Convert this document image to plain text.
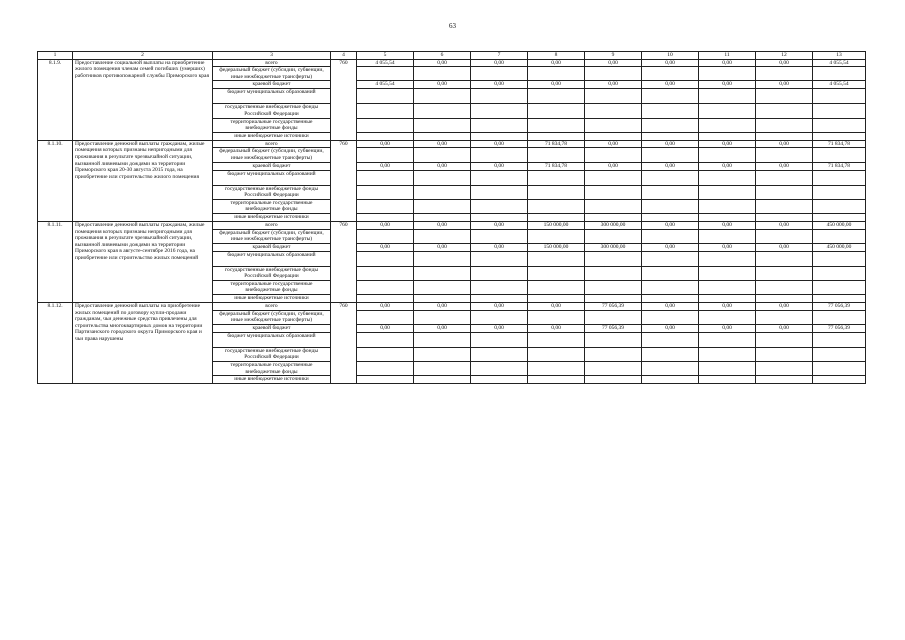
63
1	2	3	4	5	6	7	8	9	10	11	12	13
8.1.9.	Предоставление социальной выплаты на приобретение жилого помещения членам семей погибших (умерших) работников противопожарной службы Приморского края	всего	760	4 055,54	0,00	0,00	0,00	0,00	0,00	0,00	0,00	4 055,54
		федеральный бюджет (субсидии, субвенции, иные межбюджетные трансферты)										
		краевой бюджет		4 055,54	0,00	0,00	0,00	0,00	0,00	0,00	0,00	4 055,54
		бюджет муниципальных образований										
		государственные внебюджетные фонды Российской Федерации										
		территориальные государственные внебюджетные фонды										
		иные внебюджетные источники										
8.1.10.	Предоставление денежной выплаты гражданам, жилые помещения которых признаны непригодными для проживания в результате чрезвычайной ситуации, вызванной ливневыми дождями на территории Приморского края 20-30 августа 2015 года, на приобретение или строительство жилого помещения	всего	760	0,00	0,00	0,00	71 834,78	0,00	0,00	0,00	0,00	71 834,78
		федеральный бюджет (субсидии, субвенции, иные межбюджетные трансферты)										
		краевой бюджет		0,00	0,00	0,00	71 834,78	0,00	0,00	0,00	0,00	71 834,78
		бюджет муниципальных образований										
		государственные внебюджетные фонды Российской Федерации										
		территориальные государственные внебюджетные фонды										
		иные внебюджетные источники										
8.1.11.	Предоставление денежной выплаты гражданам, жилые помещения которых признаны непригодными для проживания в результате чрезвычайной ситуации, вызванной ливневыми дождями на территории Приморского края в августе-сентябре 2016 года, на приобретение или строительство жилых помещений	всего	760	0,00	0,00	0,00	150 000,00	300 000,00	0,00	0,00	0,00	450 000,00
		федеральный бюджет (субсидии, субвенции, иные межбюджетные трансферты)										
		краевой бюджет		0,00	0,00	0,00	150 000,00	300 000,00	0,00	0,00	0,00	450 000,00
		бюджет муниципальных образований										
		государственные внебюджетные фонды Российской Федерации										
		территориальные государственные внебюджетные фонды										
		иные внебюджетные источники										
8.1.12.	Предоставление денежной выплаты на приобретение жилых помещений по договору купли-продажи гражданам, чьи денежные средства привлечены для строительства многоквартирных домов на территории Партизанского городского округа Приморского края и чьи права нарушены	всего	760	0,00	0,00	0,00	0,00	77 056,39	0,00	0,00	0,00	77 056,39
		федеральный бюджет (субсидии, субвенции, иные межбюджетные трансферты)										
		краевой бюджет		0,00	0,00	0,00	0,00	77 056,39	0,00	0,00	0,00	77 056,39
		бюджет муниципальных образований										
		государственные внебюджетные фонды Российской Федерации										
		территориальные государственные внебюджетные фонды										
		иные внебюджетные источники										
